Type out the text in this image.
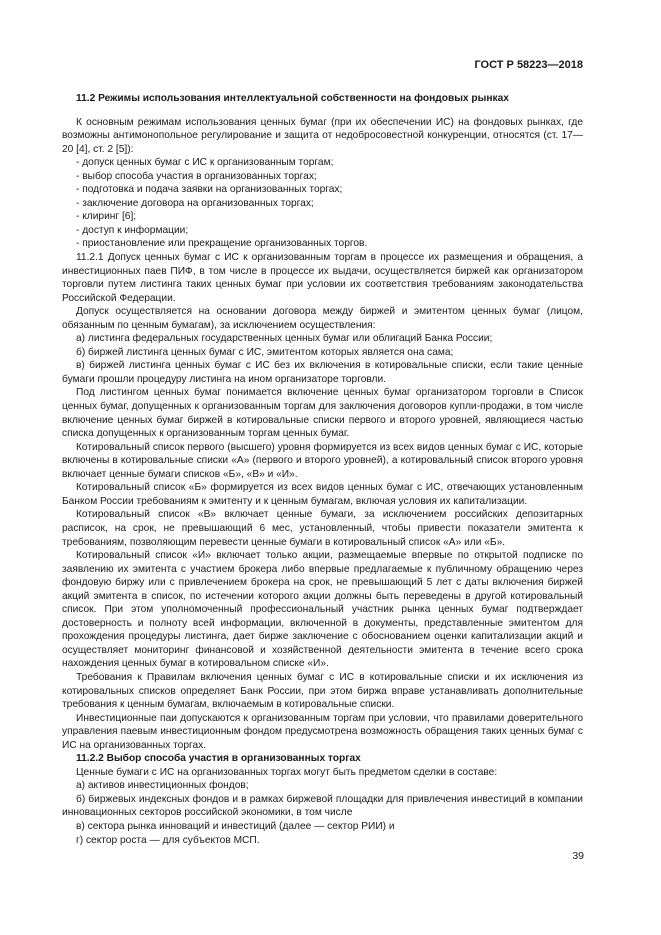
ГОСТ Р 58223—2018

11.2 Режимы использования интеллектуальной собственности на фондовых рынках

К основным режимам использования ценных бумаг (при их обеспечении ИС) на фондовых рынках, где возможны антимонопольное регулирование и защита от недобросовестной конкуренции, относятся (ст. 17—20 [4], ст. 2 [5]):

- допуск ценных бумаг с ИС к организованным торгам;

- выбор способа участия в организованных торгах;

- подготовка и подача заявки на организованных торгах;

- заключение договора на организованных торгах;

- клиринг [6];

- доступ к информации;

- приостановление или прекращение организованных торгов.

11.2.1 Допуск ценных бумаг с ИС к организованным торгам в процессе их размещения и обращения, а инвестиционных паев ПИФ, в том числе в процессе их выдачи, осуществляется биржей как организатором торговли путем листинга таких ценных бумаг при условии их соответствия требованиям законодательства Российской Федерации.

Допуск осуществляется на основании договора между биржей и эмитентом ценных бумаг (лицом, обязанным по ценным бумагам), за исключением осуществления:

а) листинга федеральных государственных ценных бумаг или облигаций Банка России;

б) биржей листинга ценных бумаг с ИС, эмитентом которых является она сама;

в) биржей листинга ценных бумаг с ИС без их включения в котировальные списки, если такие ценные бумаги прошли процедуру листинга на ином организаторе торговли.

Под листингом ценных бумаг понимается включение ценных бумаг организатором торговли в Список ценных бумаг, допущенных к организованным торгам для заключения договоров купли-продажи, в том числе включение ценных бумаг биржей в котировальные списки первого и второго уровней, являющиеся частью списка допущенных к организованным торгам ценных бумаг.

Котировальный список первого (высшего) уровня формируется из всех видов ценных бумаг с ИС, которые включены в котировальные списки «А» (первого и второго уровней), а котировальный список второго уровня включает ценные бумаги списков «Б», «В» и «И».

Котировальный список «Б» формируется из всех видов ценных бумаг с ИС, отвечающих установленным Банком России требованиям к эмитенту и к ценным бумагам, включая условия их капитализации.

Котировальный список «В» включает ценные бумаги, за исключением российских депозитарных расписок, на срок, не превышающий 6 мес, установленный, чтобы привести показатели эмитента к требованиям, позволяющим перевести ценные бумаги в котировальный список «А» или «Б».

Котировальный список «И» включает только акции, размещаемые впервые по открытой подписке по заявлению их эмитента с участием брокера либо впервые предлагаемые к публичному обращению через фондовую биржу или с привлечением брокера на срок, не превышающий 5 лет с даты включения биржей акций эмитента в список, по истечении которого акции должны быть переведены в другой котировальный список. При этом уполномоченный профессиональный участник рынка ценных бумаг подтверждает достоверность и полноту всей информации, включенной в документы, представленные эмитентом для прохождения процедуры листинга, дает бирже заключение с обоснованием оценки капитализации акций и осуществляет мониторинг финансовой и хозяйственной деятельности эмитента в течение всего срока нахождения ценных бумаг в котировальном списке «И».

Требования к Правилам включения ценных бумаг с ИС в котировальные списки и их исключения из котировальных списков определяет Банк России, при этом биржа вправе устанавливать дополнительные требования к ценным бумагам, включаемым в котировальные списки.

Инвестиционные паи допускаются к организованным торгам при условии, что правилами доверительного управления паевым инвестиционным фондом предусмотрена возможность обращения таких ценных бумаг с ИС на организованных торгах.

11.2.2 Выбор способа участия в организованных торгах

Ценные бумаги с ИС на организованных торгах могут быть предметом сделки в составе:

а) активов инвестиционных фондов;

б) биржевых индексных фондов и в рамках биржевой площадки для привлечения инвестиций в компании инновационных секторов российской экономики, в том числе

в) сектора рынка инноваций и инвестиций (далее — сектор РИИ) и

г) сектор роста — для субъектов МСП.

39
